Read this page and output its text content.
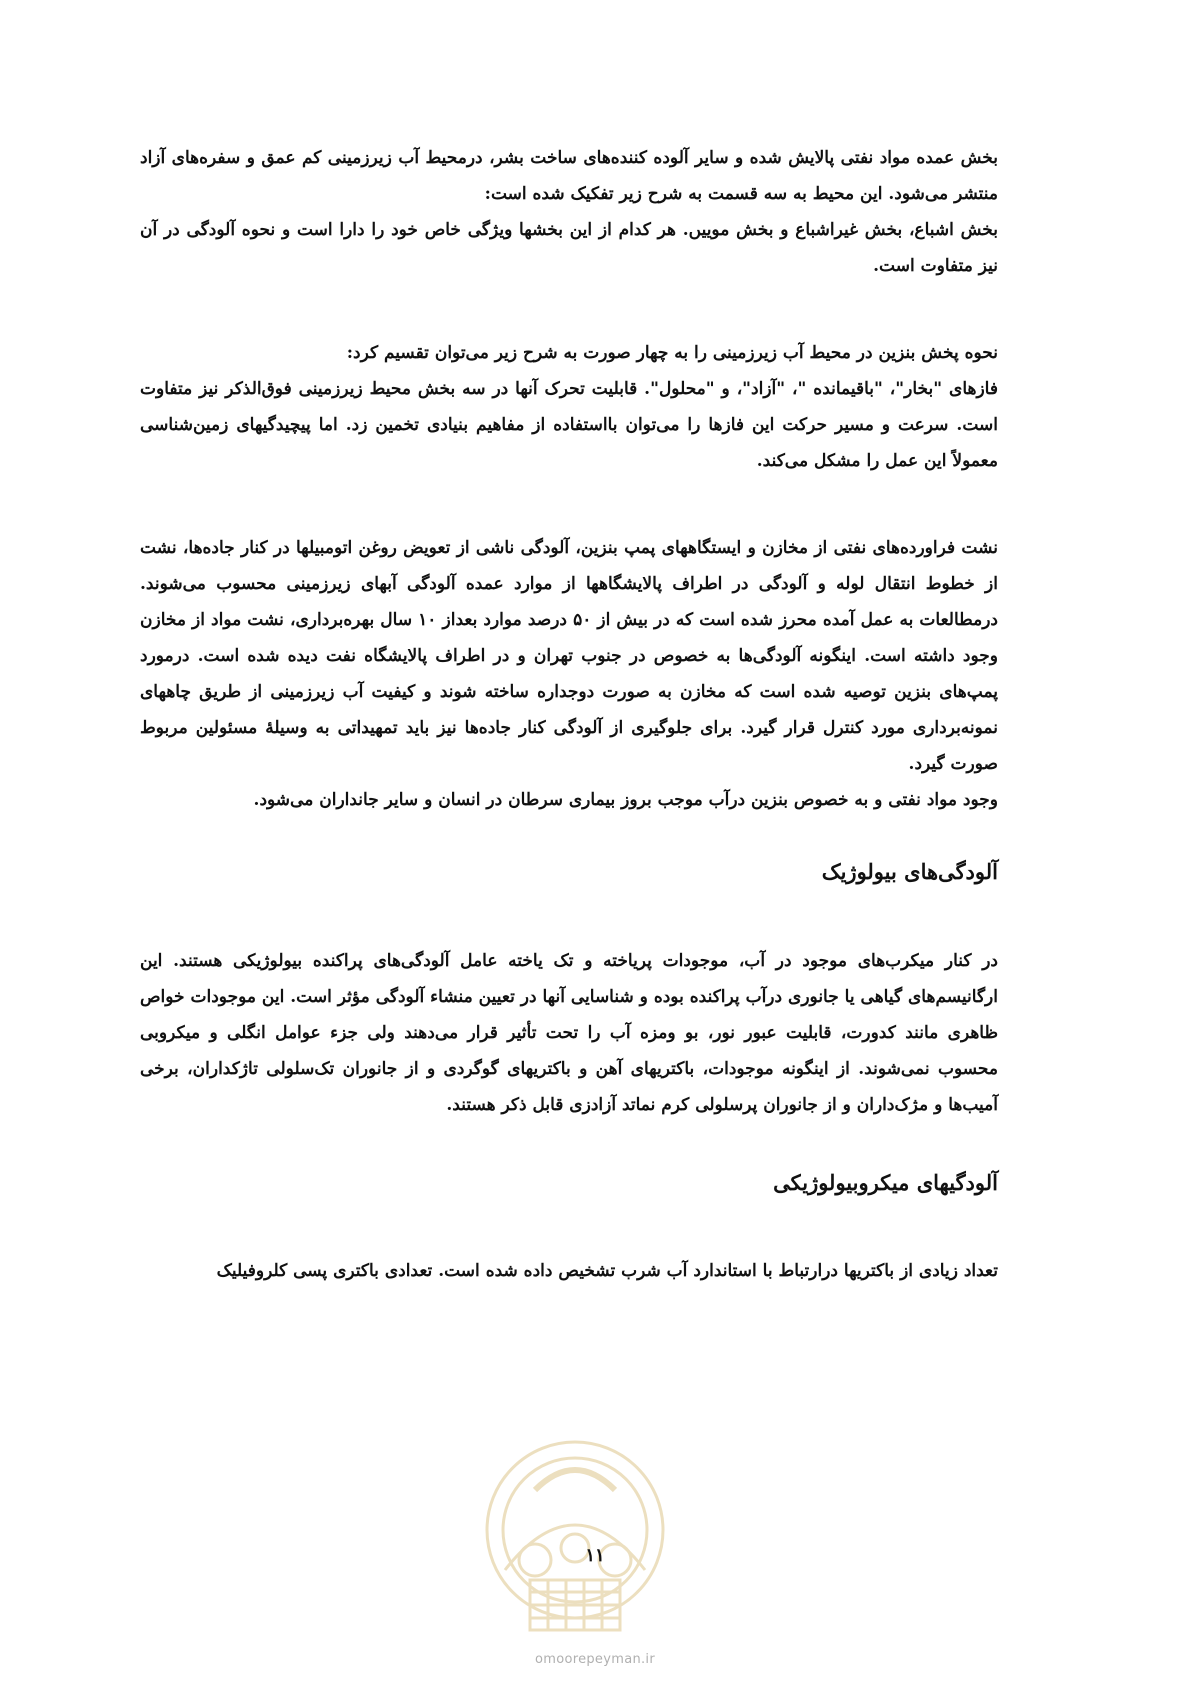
بخش عمده مواد نفتی پالایش شده و سایر آلوده کننده‌های ساخت بشر، درمحیط آب زیرزمینی کم عمق و سفره‌های آزاد منتشر می‌شود. این محیط به سه قسمت به شرح زیر تفکیک شده است:

بخش اشباع، بخش غیراشباع و بخش موییں. هر کدام از این بخشها ویژگی خاص خود را دارا است و نحوه آلودگی در آن نیز متفاوت است.

نحوه پخش بنزین در محیط آب زیرزمینی را به چهار صورت به شرح زیر می‌توان تقسیم کرد:

فازهای "بخار"، "باقیمانده "، "آزاد"، و "محلول". قابلیت تحرک آنها در سه بخش محیط زیرزمینی فوق‌الذکر نیز متفاوت است. سرعت و مسیر حرکت این فازها را می‌توان بااستفاده از مفاهیم بنیادی تخمین زد. اما پیچیدگیهای زمین‌شناسی معمولاً این عمل را مشکل می‌کند.

نشت فراورده‌های نفتی از مخازن و ایستگاههای پمپ بنزین، آلودگی ناشی از تعویض روغن اتومبیلها در کنار جاده‌ها، نشت از خطوط انتقال لوله و آلودگی در اطراف پالایشگاهها از موارد عمده آلودگی آبهای زیرزمینی محسوب می‌شوند. درمطالعات به عمل آمده محرز شده است که در بیش از ۵۰ درصد موارد بعداز ۱۰ سال بهره‌برداری، نشت مواد از مخازن وجود داشته است. اینگونه آلودگی‌ها به خصوص در جنوب تهران و در اطراف پالایشگاه نفت دیده شده است. درمورد پمپ‌های بنزین توصیه شده است که مخازن به صورت دوجداره ساخته شوند و کیفیت آب زیرزمینی از طریق چاههای نمونه‌برداری مورد کنترل قرار گیرد. برای جلوگیری از آلودگی کنار جاده‌ها نیز باید تمهیداتی به وسیلهٔ مسئولین مربوط صورت گیرد.

وجود مواد نفتی و به خصوص بنزین درآب موجب بروز بیماری سرطان در انسان و سایر جانداران می‌شود.

آلودگی‌های بیولوژیک

در کنار میکرب‌های موجود در آب، موجودات پریاخته و تک یاخته عامل آلودگی‌های پراکنده بیولوژیکی هستند. این ارگانیسم‌های گیاهی یا جانوری درآب پراکنده بوده و شناسایی آنها در تعیین منشاء آلودگی مؤثر است. این موجودات خواص ظاهری مانند کدورت، قابلیت عبور نور، بو ومزه آب را تحت تأثیر قرار می‌دهند ولی جزء عوامل انگلی و میکروبی محسوب نمی‌شوند. از اینگونه موجودات، باکتریهای آهن و باکتریهای گوگردی و از جانوران تک‌سلولی تاژکداران، برخی آمیب‌ها و مژک‌داران و از جانوران پرسلولی کرم نماتد آزادزی قابل ذکر هستند.

آلودگیهای میکروبیولوژیکی

تعداد زیادی از باکتریها درارتباط با استاندارد آب شرب تشخیص داده شده است. تعدادی باکتری پسی کلروفیلیک

۱۱
omoorepeyman.ir
